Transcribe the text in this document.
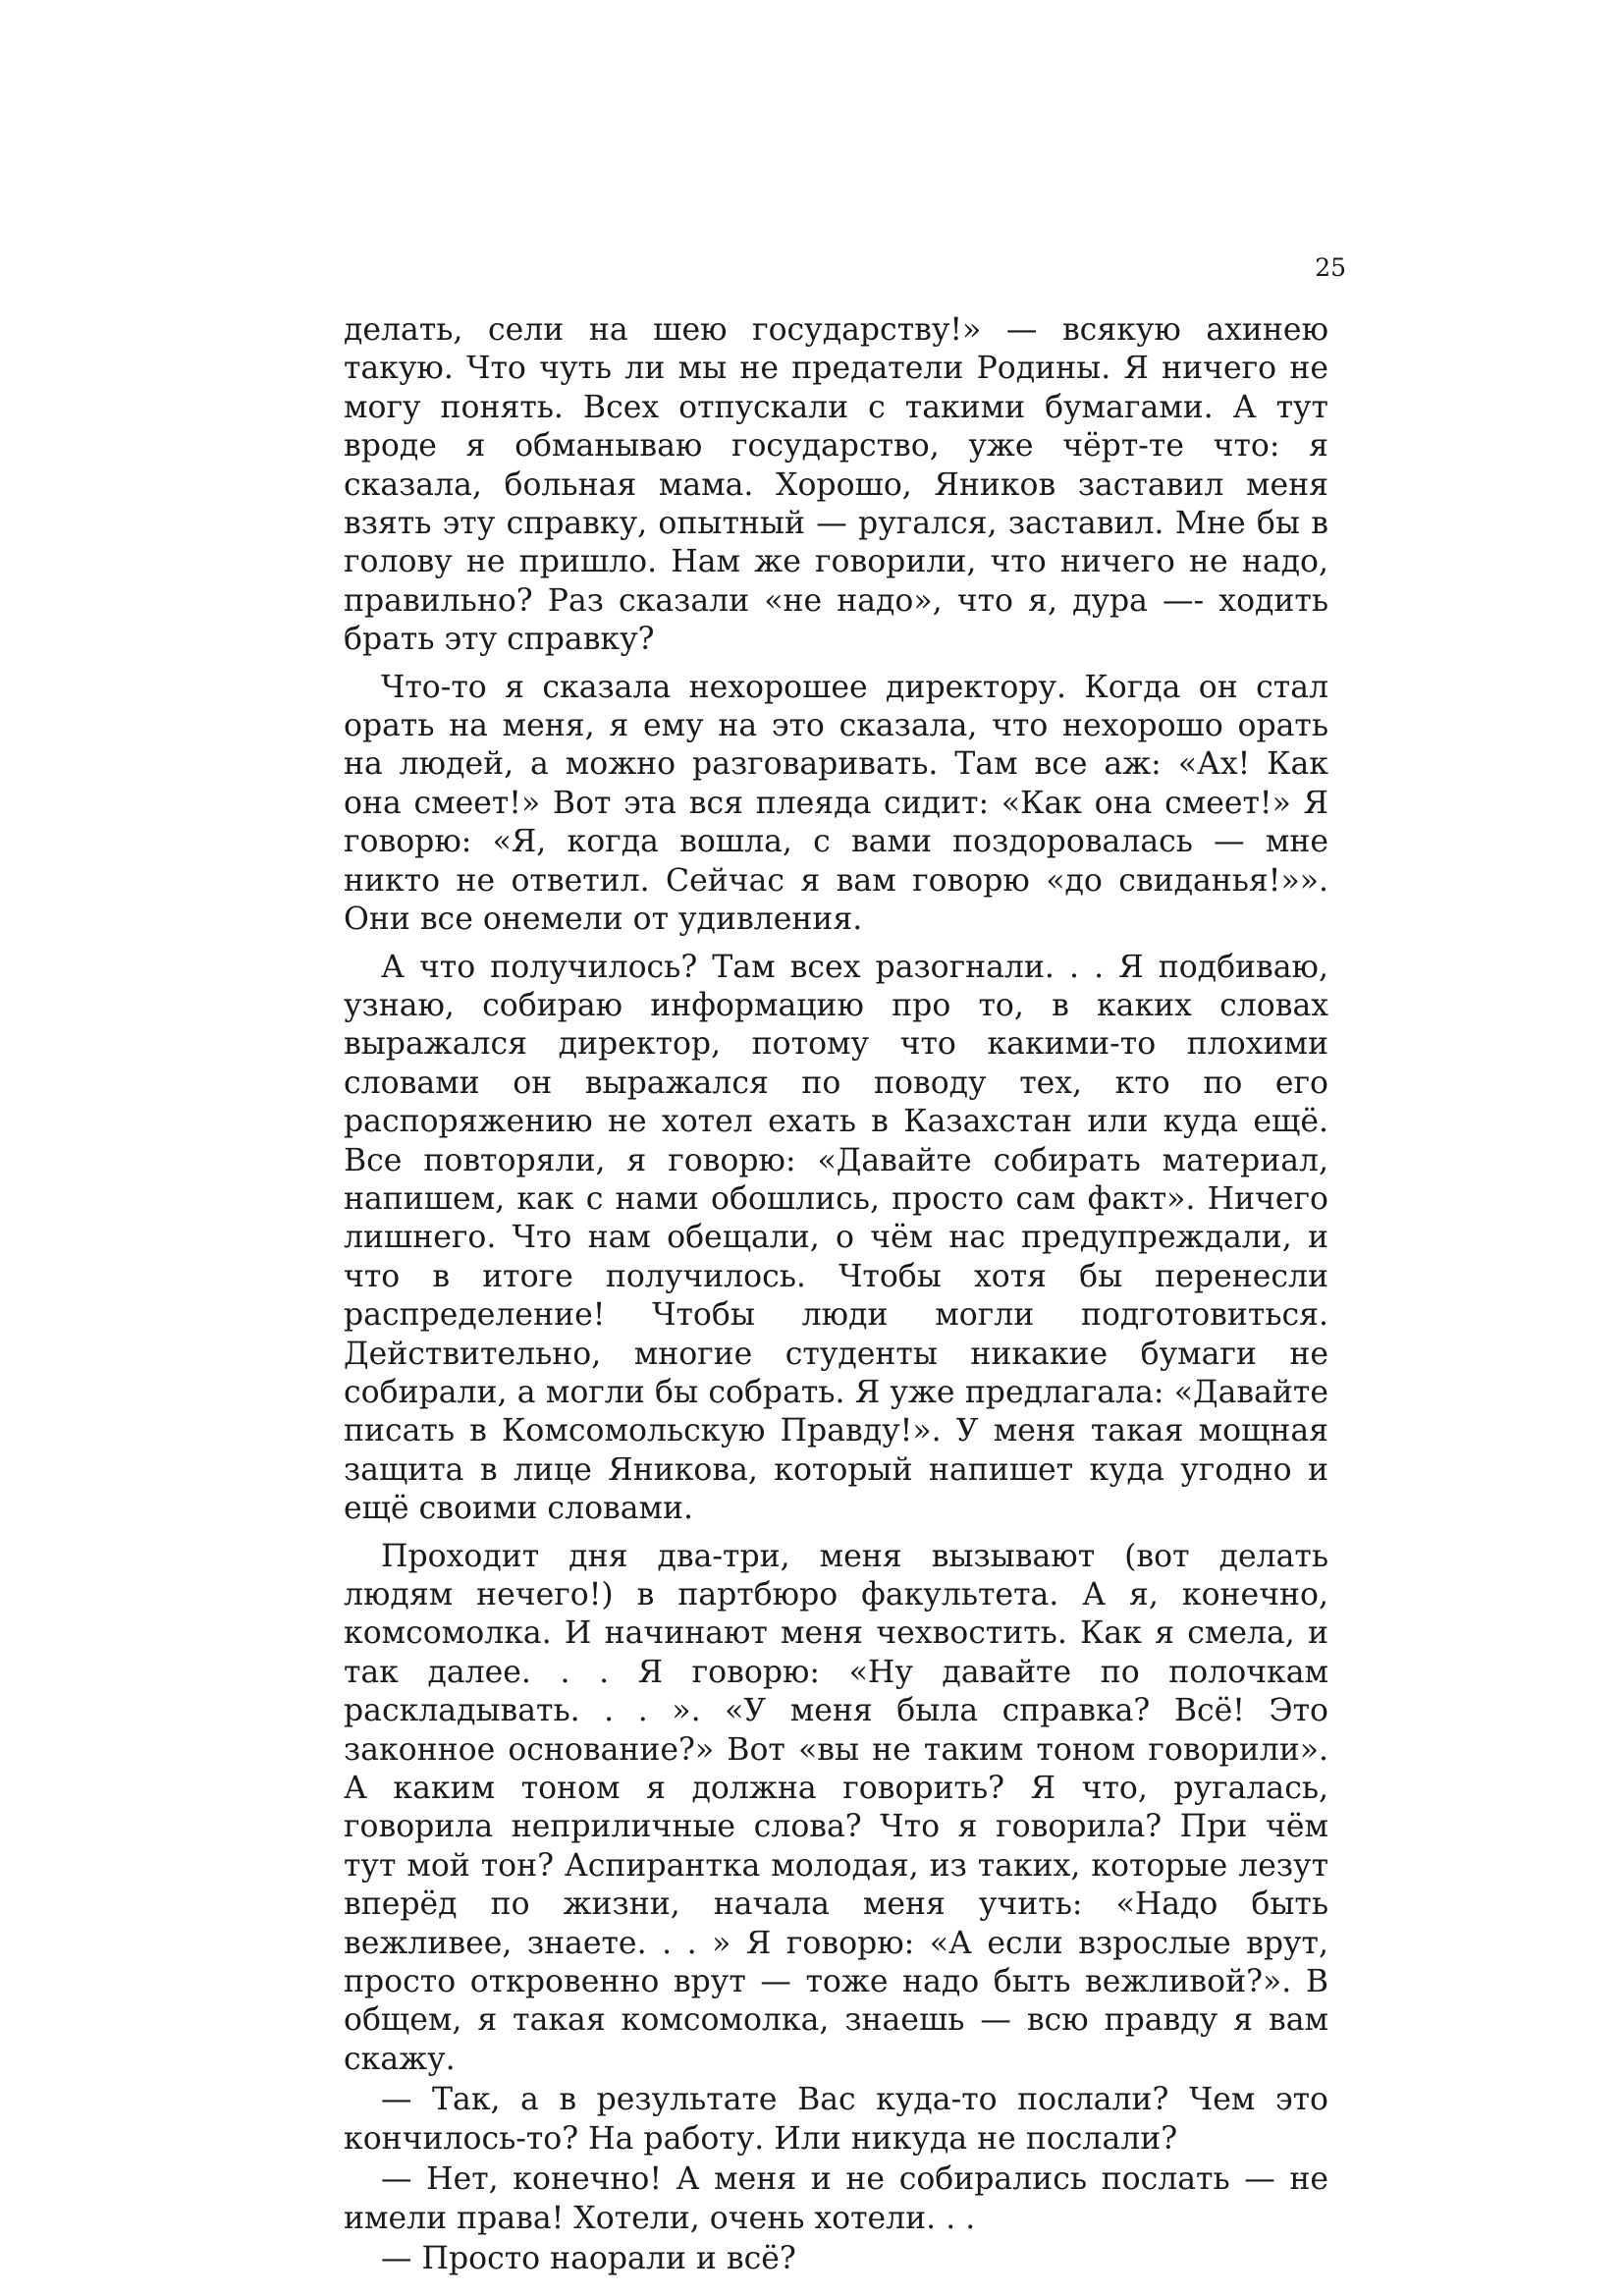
25

делать, сели на шею государству!» — всякую ахинею такую. Что чуть ли мы не предатели Родины. Я ничего не могу понять. Всех отпускали с такими бумагами. А тут вроде я обманываю государство, уже чёрт-те что: я сказала, больная мама. Хорошо, Яников заставил меня взять эту справку, опытный — ругался, заставил. Мне бы в голову не пришло. Нам же говорили, что ничего не надо, правильно? Раз сказали «не надо», что я, дура —- ходить брать эту справку?

Что-то я сказала нехорошее директору. Когда он стал орать на меня, я ему на это сказала, что нехорошо орать на людей, а можно разговаривать. Там все аж: «Ах! Как она смеет!» Вот эта вся плеяда сидит: «Как она смеет!» Я говорю: «Я, когда вошла, с вами поздоровалась — мне никто не ответил. Сейчас я вам говорю «до свиданья!»». Они все онемели от удивления.

А что получилось? Там всех разогнали. . . Я подбиваю, узнаю, собираю информацию про то, в каких словах выражался директор, потому что какими-то плохими словами он выражался по поводу тех, кто по его распоряжению не хотел ехать в Казахстан или куда ещё. Все повторяли, я говорю: «Давайте собирать материал, напишем, как с нами обошлись, просто сам факт». Ничего лишнего. Что нам обещали, о чём нас предупреждали, и что в итоге получилось. Чтобы хотя бы перенесли распределение! Чтобы люди могли подготовиться. Действительно, многие студенты никакие бумаги не собирали, а могли бы собрать. Я уже предлагала: «Давайте писать в Комсомольскую Правду!». У меня такая мощная защита в лице Яникова, который напишет куда угодно и ещё своими словами.

Проходит дня два-три, меня вызывают (вот делать людям нечего!) в партбюро факультета. А я, конечно, комсомолка. И начинают меня чехвостить. Как я смела, и так далее. . . Я говорю: «Ну давайте по полочкам раскладывать. . . ». «У меня была справка? Всё! Это законное основание?» Вот «вы не таким тоном говорили». А каким тоном я должна говорить? Я что, ругалась, говорила неприличные слова? Что я говорила? При чём тут мой тон? Аспирантка молодая, из таких, которые лезут вперёд по жизни, начала меня учить: «Надо быть вежливее, знаете. . . » Я говорю: «А если взрослые врут, просто откровенно врут — тоже надо быть вежливой?». В общем, я такая комсомолка, знаешь — всю правду я вам скажу.

— Так, а в результате Вас куда-то послали? Чем это кончилось-то? На работу. Или никуда не послали?

— Нет, конечно! А меня и не собирались послать — не имели права! Хотели, очень хотели. . .

— Просто наорали и всё?
